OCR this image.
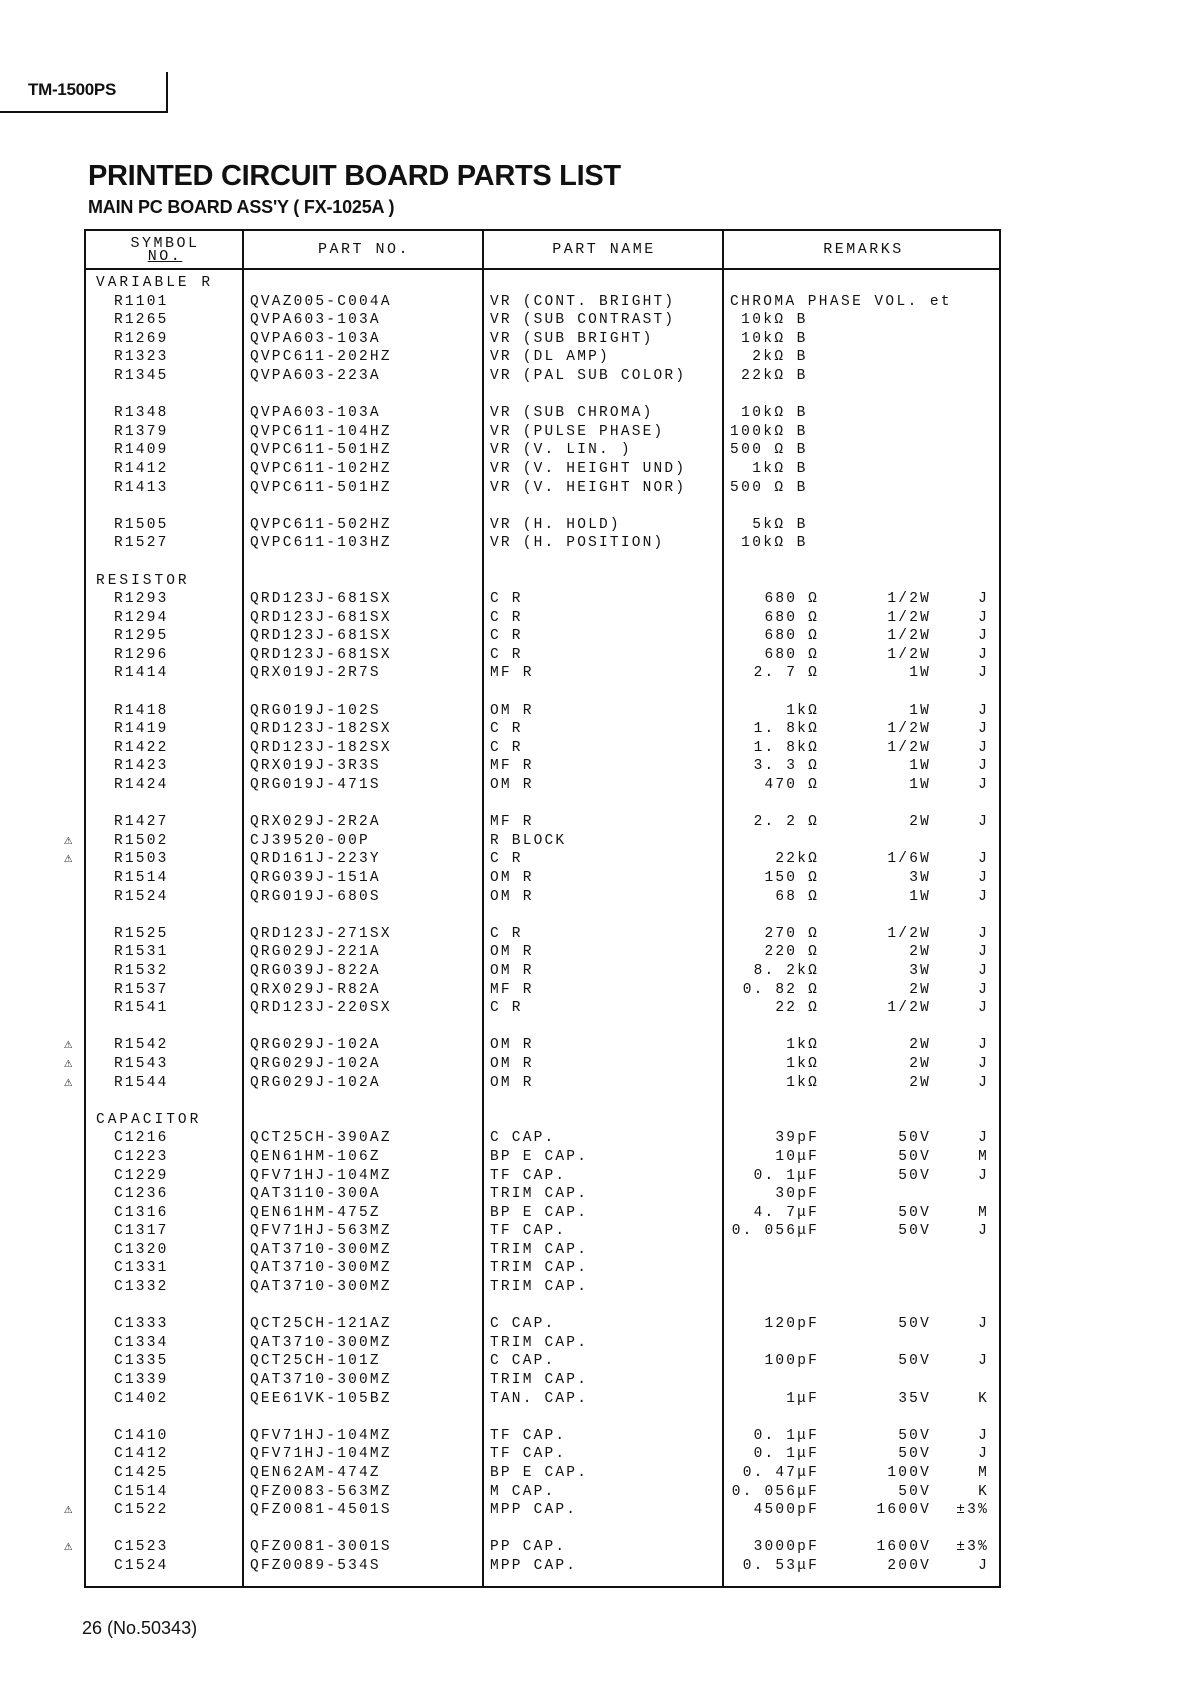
TM-1500PS
PRINTED CIRCUIT BOARD PARTS LIST
MAIN PC BOARD ASS'Y ( FX-1025A )
SYMBOL
NO.	PART NO.	PART NAME	REMARKS
VARIABLE R
R1101	QVAZ005-C004A	VR (CONT. BRIGHT)	CHROMA PHASE VOL. et
R1265	QVPA603-103A	VR (SUB CONTRAST)	10kΩ B
R1269	QVPA603-103A	VR (SUB BRIGHT)	10kΩ B
R1323	QVPC611-202HZ	VR (DL AMP)	2kΩ B
R1345	QVPA603-223A	VR (PAL SUB COLOR)	22kΩ B
R1348	QVPA603-103A	VR (SUB CHROMA)	10kΩ B
R1379	QVPC611-104HZ	VR (PULSE PHASE)	100kΩ B
R1409	QVPC611-501HZ	VR (V. LIN. )	500 Ω B
R1412	QVPC611-102HZ	VR (V. HEIGHT UND)	1kΩ B
R1413	QVPC611-501HZ	VR (V. HEIGHT NOR)	500 Ω B
R1505	QVPC611-502HZ	VR (H. HOLD)	5kΩ B
R1527	QVPC611-103HZ	VR (H. POSITION)	10kΩ B
RESISTOR
R1293	QRD123J-681SX	C R	680 Ω	1/2W	J
R1294	QRD123J-681SX	C R	680 Ω	1/2W	J
R1295	QRD123J-681SX	C R	680 Ω	1/2W	J
R1296	QRD123J-681SX	C R	680 Ω	1/2W	J
R1414	QRX019J-2R7S	MF R	2. 7 Ω	1W	J
R1418	QRG019J-102S	OM R	1kΩ	1W	J
R1419	QRD123J-182SX	C R	1. 8kΩ	1/2W	J
R1422	QRD123J-182SX	C R	1. 8kΩ	1/2W	J
R1423	QRX019J-3R3S	MF R	3. 3 Ω	1W	J
R1424	QRG019J-471S	OM R	470 Ω	1W	J
R1427	QRX029J-2R2A	MF R	2. 2 Ω	2W	J
⚠	R1502	CJ39520-00P	R BLOCK
⚠	R1503	QRD161J-223Y	C R	22kΩ	1/6W	J
R1514	QRG039J-151A	OM R	150 Ω	3W	J
R1524	QRG019J-680S	OM R	68 Ω	1W	J
R1525	QRD123J-271SX	C R	270 Ω	1/2W	J
R1531	QRG029J-221A	OM R	220 Ω	2W	J
R1532	QRG039J-822A	OM R	8. 2kΩ	3W	J
R1537	QRX029J-R82A	MF R	0. 82 Ω	2W	J
R1541	QRD123J-220SX	C R	22 Ω	1/2W	J
⚠	R1542	QRG029J-102A	OM R	1kΩ	2W	J
⚠	R1543	QRG029J-102A	OM R	1kΩ	2W	J
⚠	R1544	QRG029J-102A	OM R	1kΩ	2W	J
CAPACITOR
C1216	QCT25CH-390AZ	C CAP.	39pF	50V	J
C1223	QEN61HM-106Z	BP E CAP.	10μF	50V	M
C1229	QFV71HJ-104MZ	TF CAP.	0. 1μF	50V	J
C1236	QAT3110-300A	TRIM CAP.	30pF
C1316	QEN61HM-475Z	BP E CAP.	4. 7μF	50V	M
C1317	QFV71HJ-563MZ	TF CAP.	0. 056μF	50V	J
C1320	QAT3710-300MZ	TRIM CAP.
C1331	QAT3710-300MZ	TRIM CAP.
C1332	QAT3710-300MZ	TRIM CAP.
C1333	QCT25CH-121AZ	C CAP.	120pF	50V	J
C1334	QAT3710-300MZ	TRIM CAP.
C1335	QCT25CH-101Z	C CAP.	100pF	50V	J
C1339	QAT3710-300MZ	TRIM CAP.
C1402	QEE61VK-105BZ	TAN. CAP.	1μF	35V	K
C1410	QFV71HJ-104MZ	TF CAP.	0. 1μF	50V	J
C1412	QFV71HJ-104MZ	TF CAP.	0. 1μF	50V	J
C1425	QEN62AM-474Z	BP E CAP.	0. 47μF	100V	M
C1514	QFZ0083-563MZ	M CAP.	0. 056μF	50V	K
⚠	C1522	QFZ0081-4501S	MPP CAP.	4500pF	1600V ±3%
⚠	C1523	QFZ0081-3001S	PP CAP.	3000pF	1600V ±3%
C1524	QFZ0089-534S	MPP CAP.	0. 53μF	200V	J
26 (No.50343)
